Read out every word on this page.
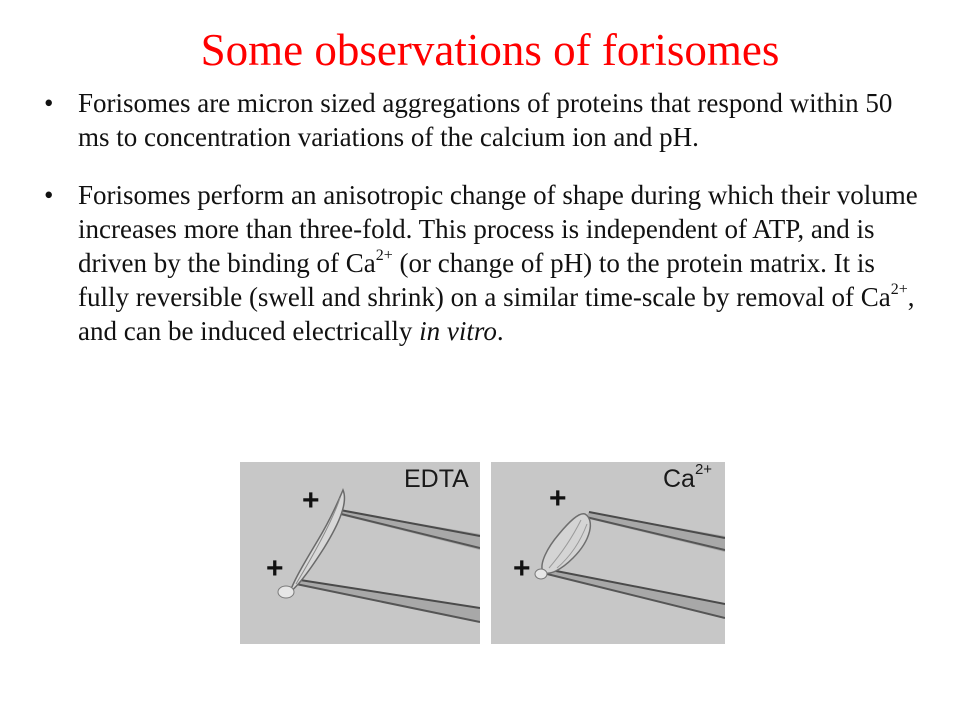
Some observations of forisomes
• Forisomes are micron sized aggregations of proteins that respond within 50 ms to concentration variations of the calcium ion and pH.
• Forisomes perform an anisotropic change of shape during which their volume increases more than three-fold. This process is independent of ATP, and is driven by the binding of $Ca^{2+}$ (or change of pH) to the protein matrix. It is fully reversible (swell and shrink) on a similar time-scale by removal of $Ca^{2+}$, and can be induced electrically in vitro.
EDTA
+
+
$Ca^{2+}$
+
+
